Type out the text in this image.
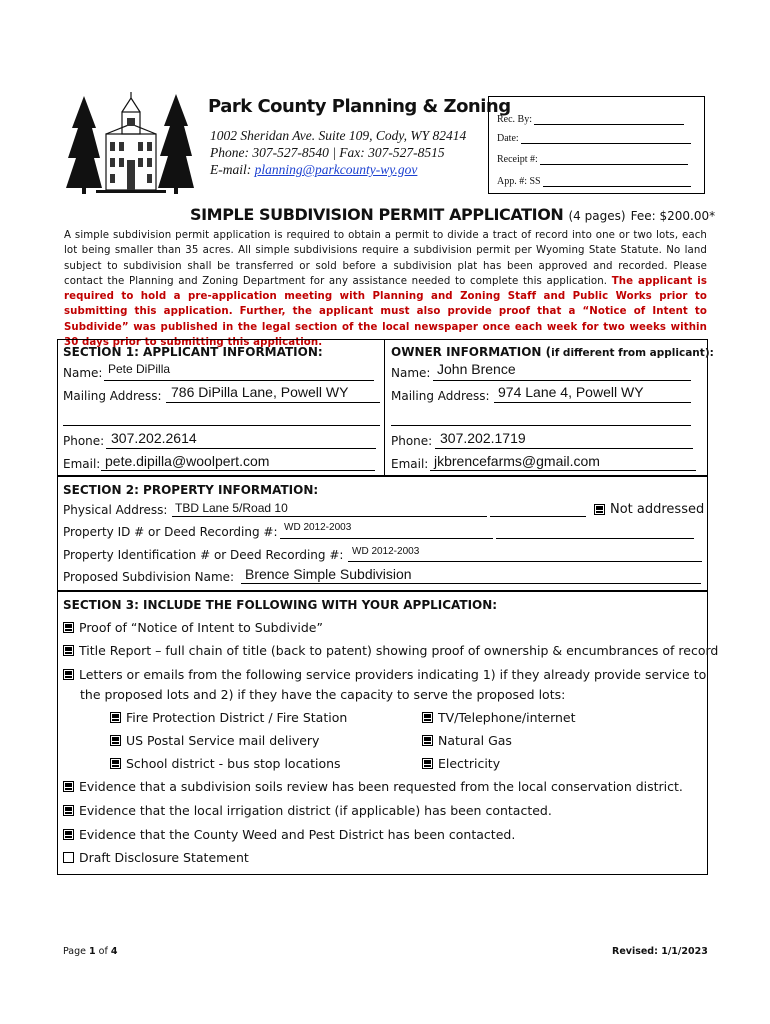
Park County Planning & Zoning
1002 Sheridan Ave. Suite 109, Cody, WY 82414
Phone: 307-527-8540 | Fax: 307-527-8515
E-mail: planning@parkcounty-wy.gov
Rec. By:
Date:
Receipt #:
App. #: SS
SIMPLE SUBDIVISION PERMIT APPLICATION (4 pages) Fee: $200.00*
A simple subdivision permit application is required to obtain a permit to divide a tract of record into one or two lots, each lot being smaller than 35 acres. All simple subdivisions require a subdivision permit per Wyoming State Statute. No land subject to subdivision shall be transferred or sold before a subdivision plat has been approved and recorded. Please contact the Planning and Zoning Department for any assistance needed to complete this application. The applicant is required to hold a pre-application meeting with Planning and Zoning Staff and Public Works prior to submitting this application. Further, the applicant must also provide proof that a “Notice of Intent to Subdivide” was published in the legal section of the local newspaper once each week for two weeks within 30 days prior to submitting this application.
SECTION 1: APPLICANT INFORMATION:
Name: Pete DiPilla
Mailing Address: 786 DiPilla Lane, Powell WY
Phone: 307.202.2614
Email: pete.dipilla@woolpert.com
OWNER INFORMATION (if different from applicant):
Name: John Brence
Mailing Address: 974 Lane 4, Powell WY
Phone: 307.202.1719
Email: jkbrencefarms@gmail.com
SECTION 2: PROPERTY INFORMATION:
Physical Address: TBD Lane 5/Road 10	Not addressed
Property ID # or Deed Recording #: WD 2012-2003
Property Identification # or Deed Recording #: WD 2012-2003
Proposed Subdivision Name: Brence Simple Subdivision
SECTION 3: INCLUDE THE FOLLOWING WITH YOUR APPLICATION:
Proof of “Notice of Intent to Subdivide”
Title Report – full chain of title (back to patent) showing proof of ownership & encumbrances of record
Letters or emails from the following service providers indicating 1) if they already provide service to
the proposed lots and 2) if they have the capacity to serve the proposed lots:
Fire Protection District / Fire Station	TV/Telephone/internet
US Postal Service mail delivery	Natural Gas
School district - bus stop locations	Electricity
Evidence that a subdivision soils review has been requested from the local conservation district.
Evidence that the local irrigation district (if applicable) has been contacted.
Evidence that the County Weed and Pest District has been contacted.
Draft Disclosure Statement
Page 1 of 4	Revised: 1/1/2023
